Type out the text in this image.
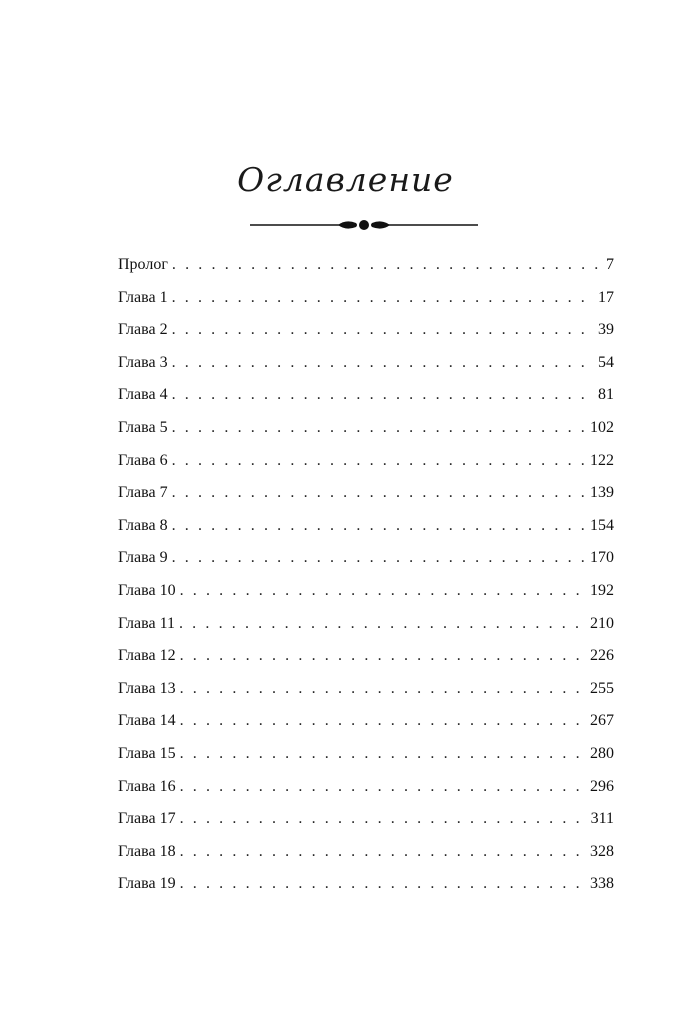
Оглавление
Пролог . . .	7
Глава 1 . . .	17
Глава 2 . . .	39
Глава 3 . . .	54
Глава 4 . . .	81
Глава 5 . . .	102
Глава 6 . . .	122
Глава 7 . . .	139
Глава 8 . . .	154
Глава 9 . . .	170
Глава 10 . . .	192
Глава 11 . . .	210
Глава 12 . . .	226
Глава 13 . . .	255
Глава 14 . . .	267
Глава 15 . . .	280
Глава 16 . . .	296
Глава 17 . . .	311
Глава 18 . . .	328
Глава 19 . . .	338
